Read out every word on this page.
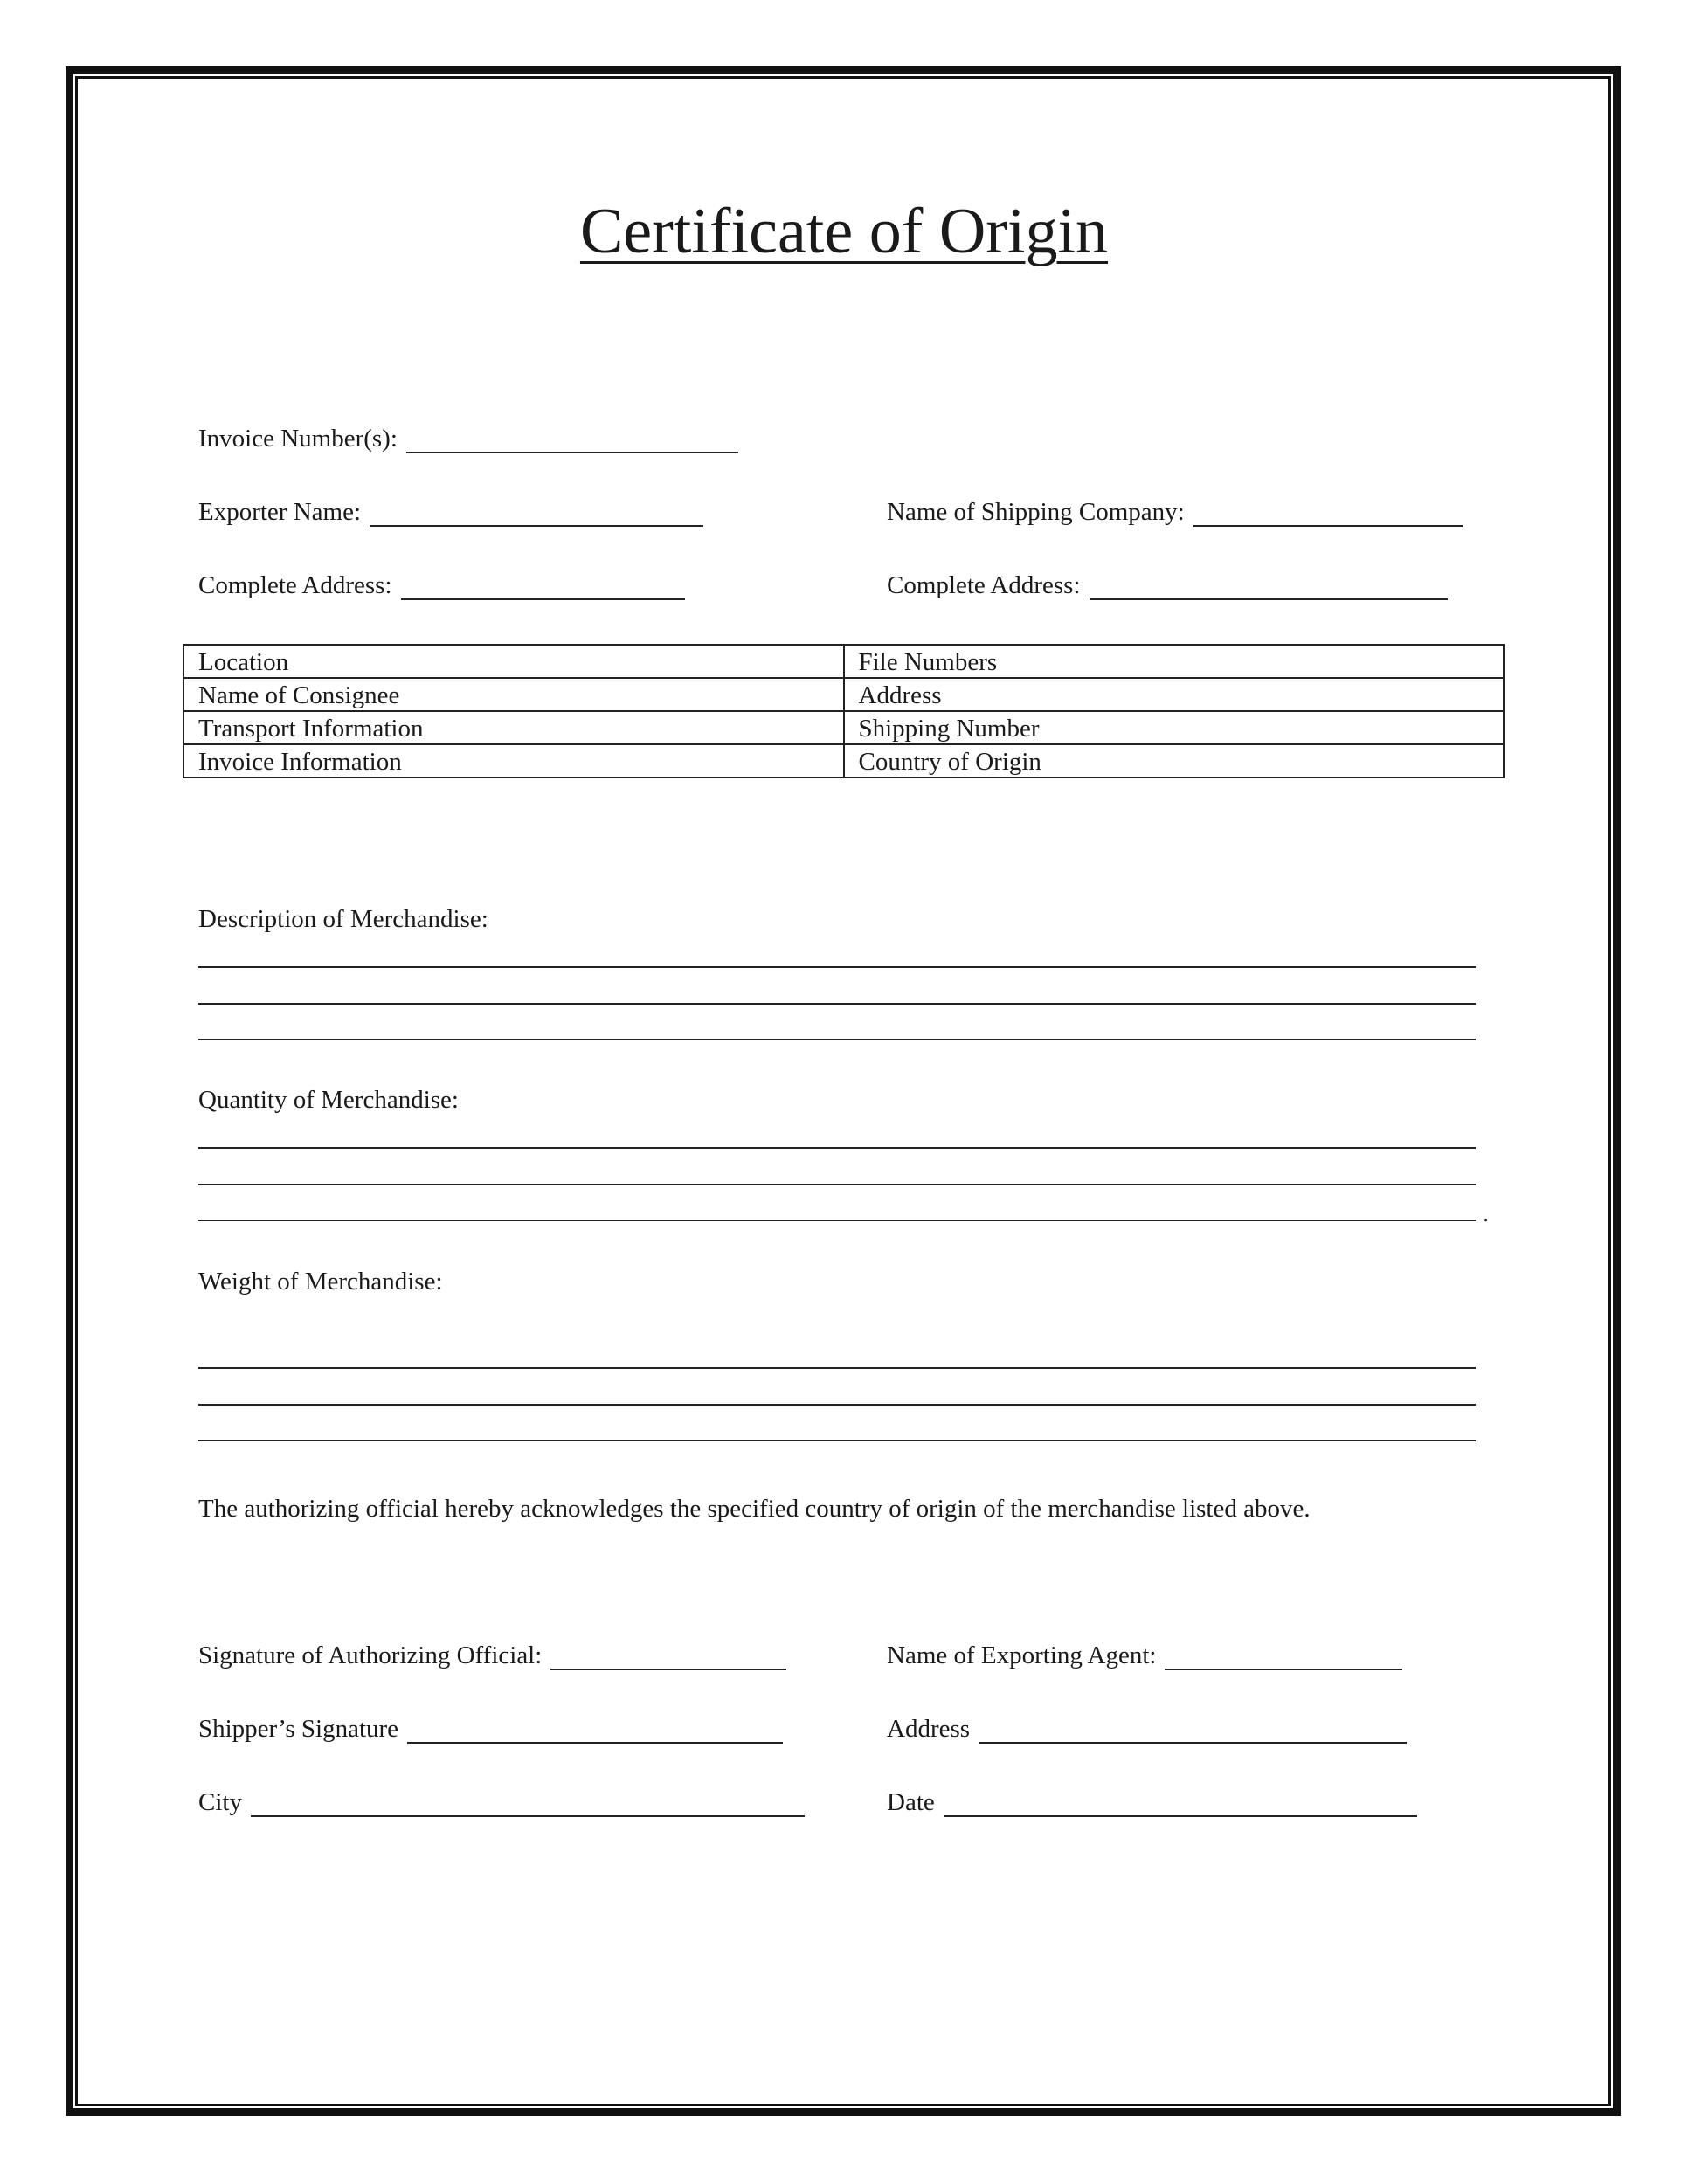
Certificate of Origin
Invoice Number(s):
Exporter Name:	Name of Shipping Company:
Complete Address:	Complete Address:
Location	File Numbers
Name of Consignee	Address
Transport Information	Shipping Number
Invoice Information	Country of Origin
Description of Merchandise:
Quantity of Merchandise:
.
Weight of Merchandise:
The authorizing official hereby acknowledges the specified country of origin of the merchandise listed above.
Signature of Authorizing Official:	Name of Exporting Agent:
Shipper’s Signature	Address
City	Date
